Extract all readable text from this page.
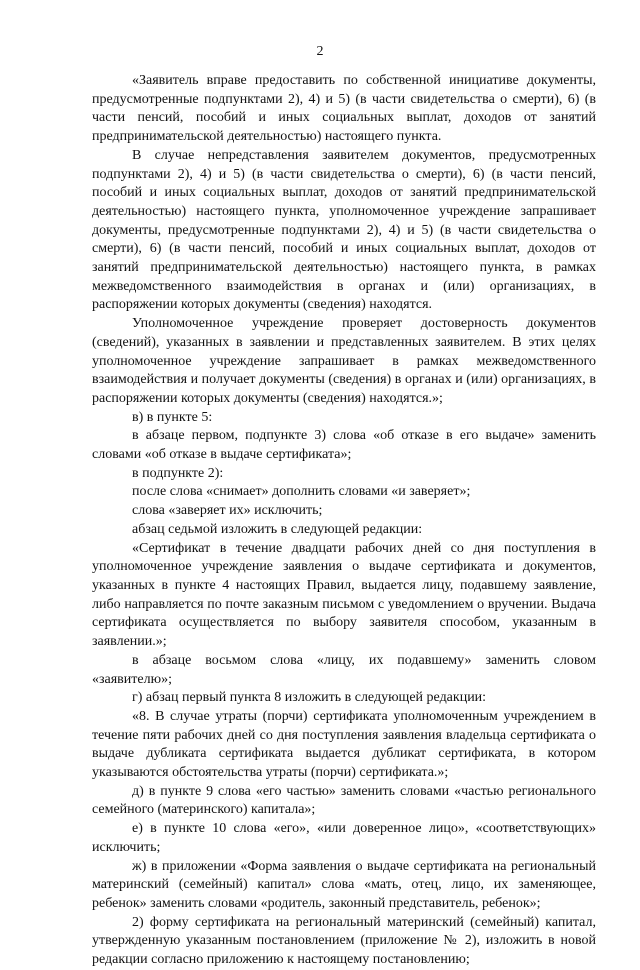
2

«Заявитель вправе предоставить по собственной инициативе документы, предусмотренные подпунктами 2), 4) и 5) (в части свидетельства о смерти), 6) (в части пенсий, пособий и иных социальных выплат, доходов от занятий предпринимательской деятельностью) настоящего пункта.

В случае непредставления заявителем документов, предусмотренных подпунктами 2), 4) и 5) (в части свидетельства о смерти), 6) (в части пенсий, пособий и иных социальных выплат, доходов от занятий предпринимательской деятельностью) настоящего пункта, уполномоченное учреждение запрашивает документы, предусмотренные подпунктами 2), 4) и 5) (в части свидетельства о смерти), 6) (в части пенсий, пособий и иных социальных выплат, доходов от занятий предпринимательской деятельностью) настоящего пункта, в рамках межведомственного взаимодействия в органах и (или) организациях, в распоряжении которых документы (сведения) находятся.

Уполномоченное учреждение проверяет достоверность документов (сведений), указанных в заявлении и представленных заявителем. В этих целях уполномоченное учреждение запрашивает в рамках межведомственного взаимодействия и получает документы (сведения) в органах и (или) организациях, в распоряжении которых документы (сведения) находятся.»;

в) в пункте 5:

в абзаце первом, подпункте 3) слова «об отказе в его выдаче» заменить словами «об отказе в выдаче сертификата»;

в подпункте 2):

после слова «снимает» дополнить словами «и заверяет»;

слова «заверяет их» исключить;

абзац седьмой изложить в следующей редакции:

«Сертификат в течение двадцати рабочих дней со дня поступления в уполномоченное учреждение заявления о выдаче сертификата и документов, указанных в пункте 4 настоящих Правил, выдается лицу, подавшему заявление, либо направляется по почте заказным письмом с уведомлением о вручении. Выдача сертификата осуществляется по выбору заявителя способом, указанным в заявлении.»;

в абзаце восьмом слова «лицу, их подавшему» заменить словом «заявителю»;

г) абзац первый пункта 8 изложить в следующей редакции:

«8. В случае утраты (порчи) сертификата уполномоченным учреждением в течение пяти рабочих дней со дня поступления заявления владельца сертификата о выдаче дубликата сертификата выдается дубликат сертификата, в котором указываются обстоятельства утраты (порчи) сертификата.»;

д) в пункте 9 слова «его частью» заменить словами «частью регионального семейного (материнского) капитала»;

е) в пункте 10 слова «его», «или доверенное лицо», «соответствующих» исключить;

ж) в приложении «Форма заявления о выдаче сертификата на региональный материнский (семейный) капитал» слова «мать, отец, лицо, их заменяющее, ребенок» заменить словами «родитель, законный представитель, ребенок»;

2) форму сертификата на региональный материнский (семейный) капитал, утвержденную указанным постановлением (приложение № 2), изложить в новой редакции согласно приложению к настоящему постановлению;
